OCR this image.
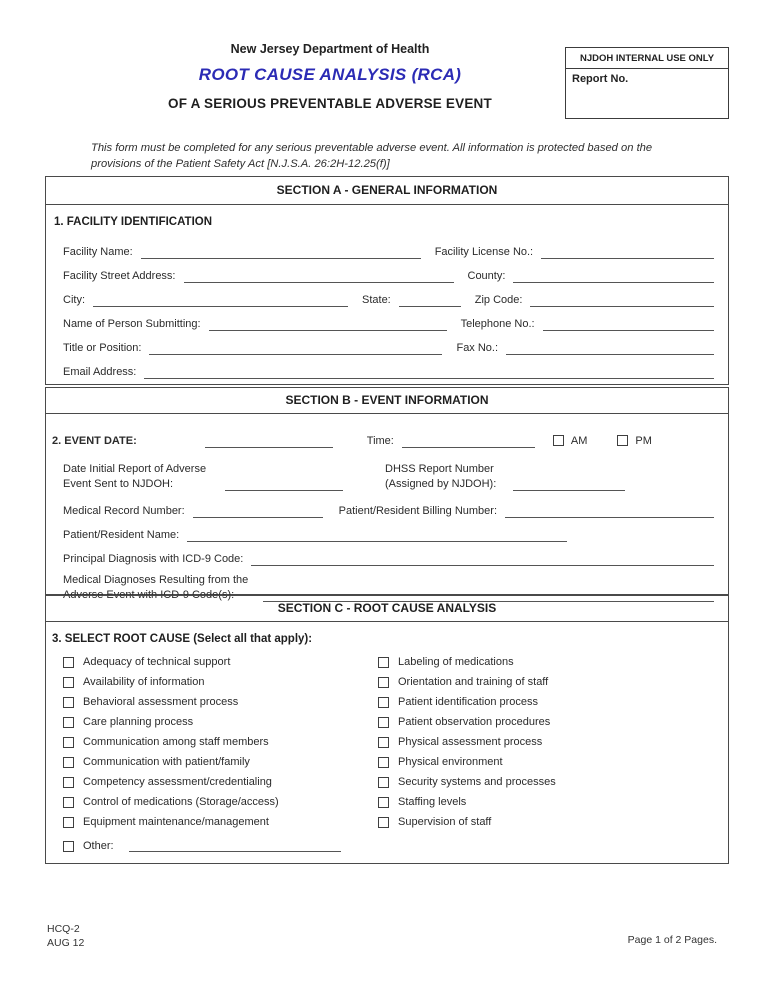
New Jersey Department of Health
ROOT CAUSE ANALYSIS (RCA)
OF A SERIOUS PREVENTABLE ADVERSE EVENT
NJDOH INTERNAL USE ONLY
Report No.
This form must be completed for any serious preventable adverse event. All information is protected based on the provisions of the Patient Safety Act [N.J.S.A. 26:2H-12.25(f)]
SECTION A - GENERAL INFORMATION
1. FACILITY IDENTIFICATION
Facility Name:	Facility License No.:
Facility Street Address:	County:
City:	State:	Zip Code:
Name of Person Submitting:	Telephone No.:
Title or Position:	Fax No.:
Email Address:
SECTION B - EVENT INFORMATION
2. EVENT DATE:	Time:	AM	PM
Date Initial Report of Adverse
Event Sent to NJDOH:
DHSS Report Number
(Assigned by NJDOH):
Medical Record Number:	Patient/Resident Billing Number:
Patient/Resident Name:
Principal Diagnosis with ICD-9 Code:
Medical Diagnoses Resulting from the
Adverse Event with ICD-9 Code(s):
SECTION C - ROOT CAUSE ANALYSIS
3. SELECT ROOT CAUSE (Select all that apply):
Adequacy of technical support
Availability of information
Behavioral assessment process
Care planning process
Communication among staff members
Communication with patient/family
Competency assessment/credentialing
Control of medications (Storage/access)
Equipment maintenance/management
Other:
Labeling of medications
Orientation and training of staff
Patient identification process
Patient observation procedures
Physical assessment process
Physical environment
Security systems and processes
Staffing levels
Supervision of staff
HCQ-2
AUG 12	Page 1 of 2 Pages.
